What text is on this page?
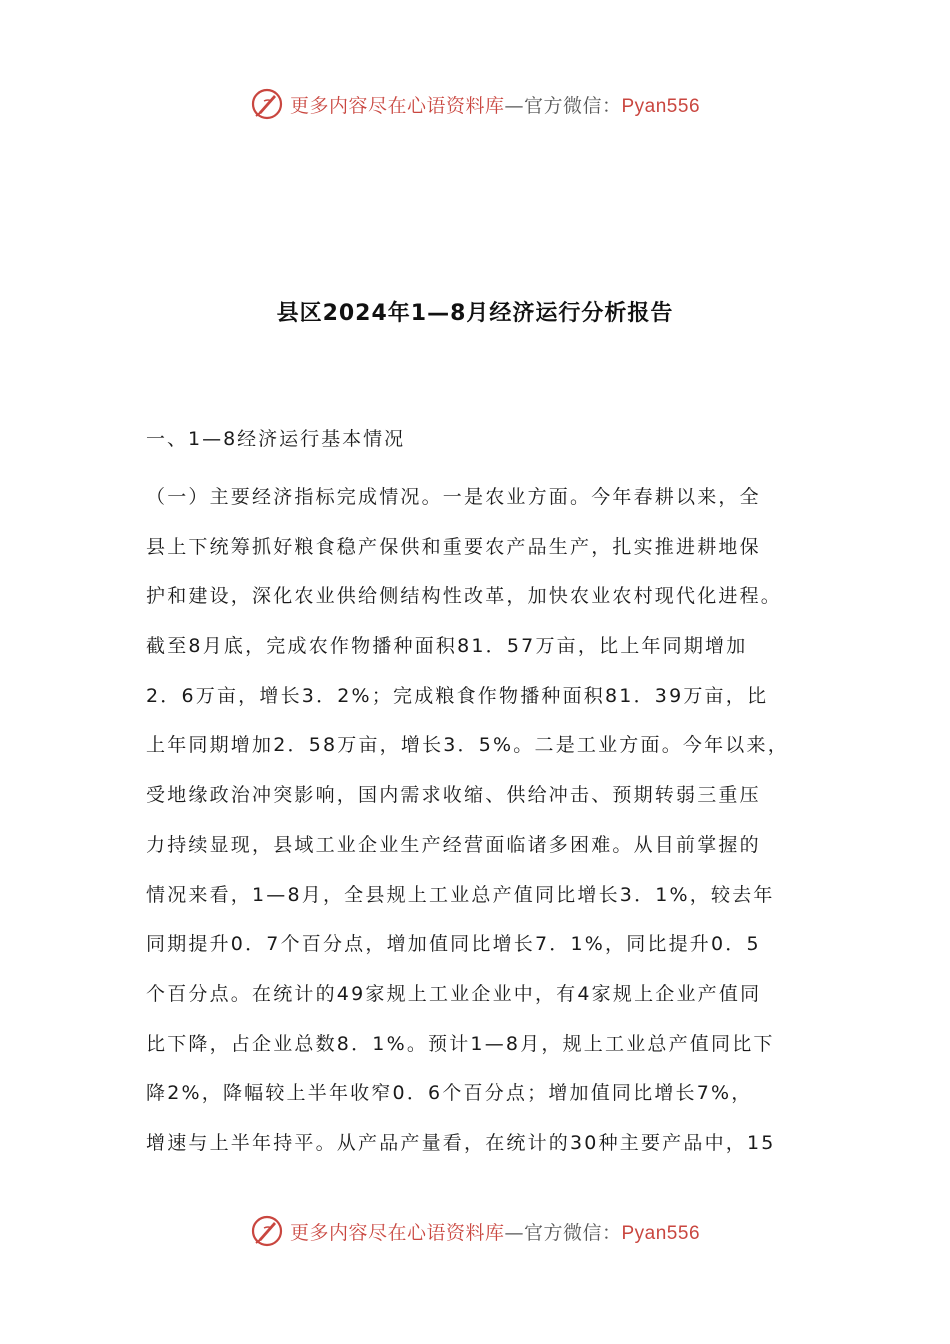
更多内容尽在心语资料库—官方微信：Pyan556
县区2024年1—8月经济运行分析报告
一、1—8经济运行基本情况
（一）主要经济指标完成情况。一是农业方面。今年春耕以来，全
县上下统筹抓好粮食稳产保供和重要农产品生产，扎实推进耕地保
护和建设，深化农业供给侧结构性改革，加快农业农村现代化进程。
截至8月底，完成农作物播种面积81．57万亩，比上年同期增加
2．6万亩，增长3．2%；完成粮食作物播种面积81．39万亩，比
上年同期增加2．58万亩，增长3．5%。二是工业方面。今年以来，
受地缘政治冲突影响，国内需求收缩、供给冲击、预期转弱三重压
力持续显现，县域工业企业生产经营面临诸多困难。从目前掌握的
情况来看，1—8月，全县规上工业总产值同比增长3．1%，较去年
同期提升0．7个百分点，增加值同比增长7．1%，同比提升0．5
个百分点。在统计的49家规上工业企业中，有4家规上企业产值同
比下降，占企业总数8．1%。预计1—8月，规上工业总产值同比下
降2%，降幅较上半年收窄0．6个百分点；增加值同比增长7%，
增速与上半年持平。从产品产量看，在统计的30种主要产品中，15
更多内容尽在心语资料库—官方微信：Pyan556
